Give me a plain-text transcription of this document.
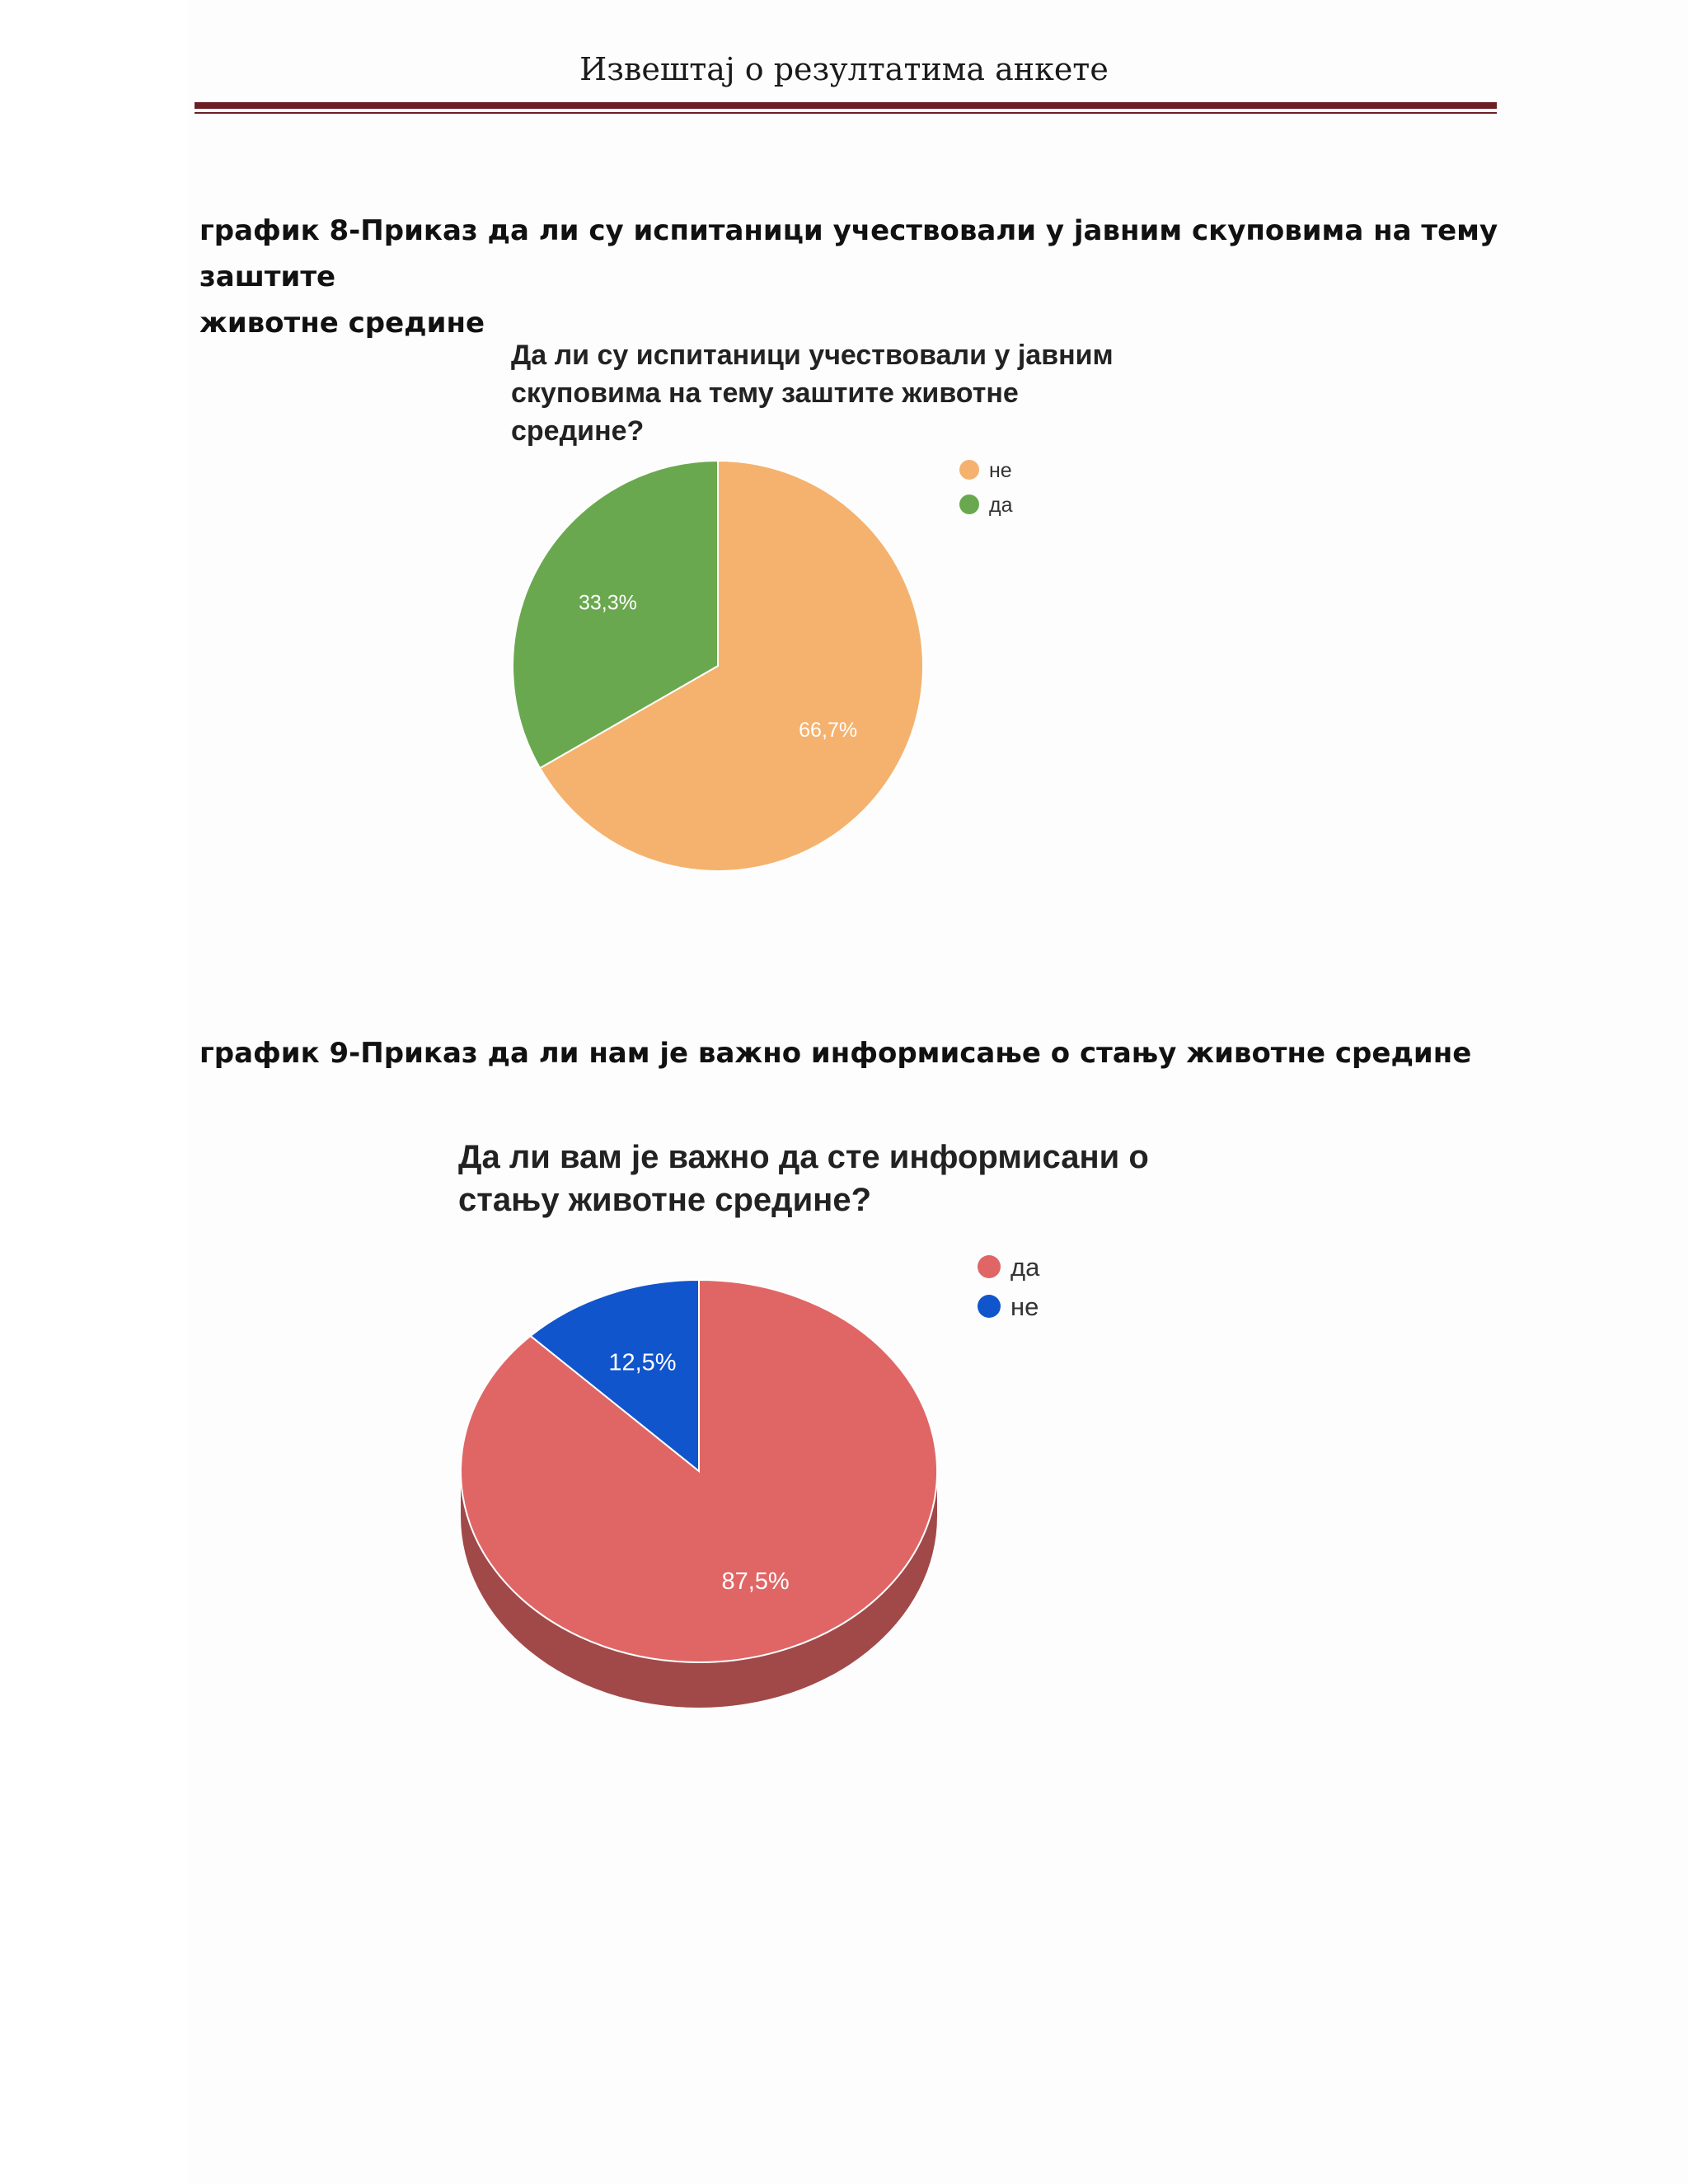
Извештај о резултатима анкете
график 8-Приказ да ли су испитаници учествовали у јавним скуповима на тему заштите
животне средине
Да ли су испитаници учествовали у јавним
скуповима на тему заштите животне
средине?
66,7%
33,3%
не
да
график 9-Приказ да ли нам је важно информисање о стању животне средине
Да ли вам је важно да сте информисани о
стању животне средине?
87,5%
12,5%
да
не
